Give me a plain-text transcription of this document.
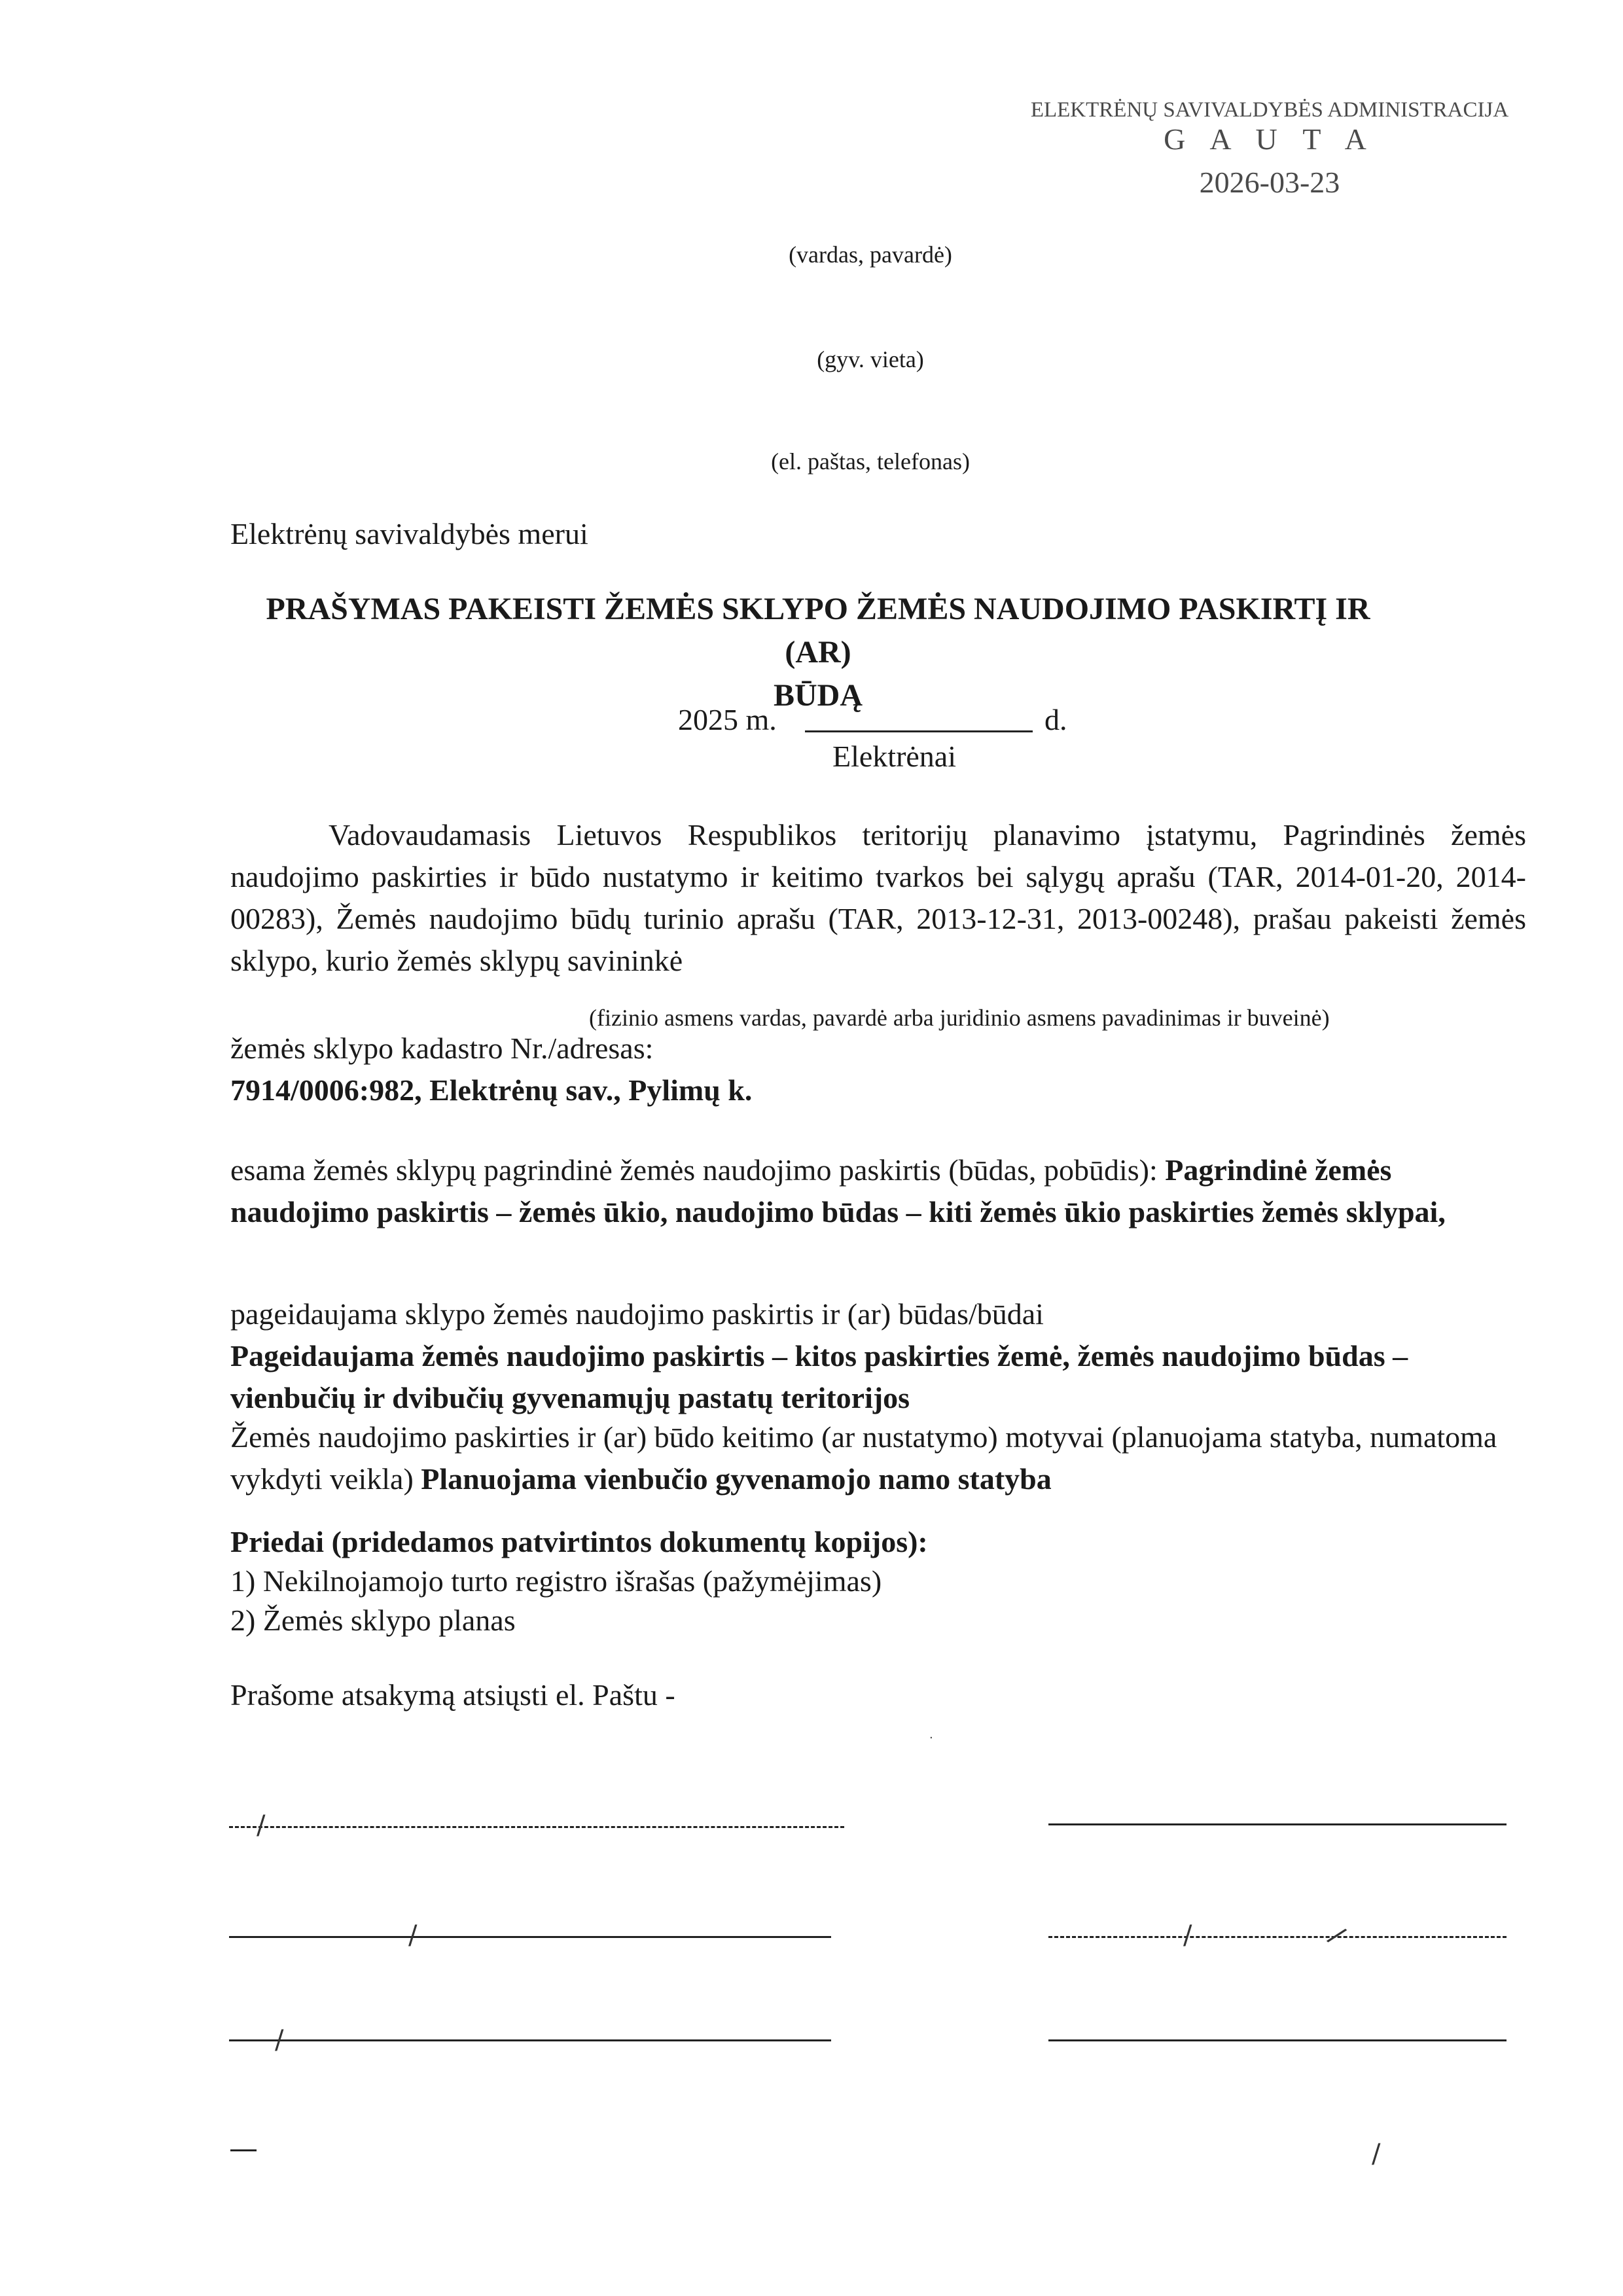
ELEKTRĖNŲ SAVIVALDYBĖS ADMINISTRACIJA
G A U T A
2026-03-23
(vardas, pavardė)
(gyv. vieta)
(el. paštas, telefonas)
Elektrėnų savivaldybės merui
PRAŠYMAS PAKEISTI ŽEMĖS SKLYPO ŽEMĖS NAUDOJIMO PASKIRTĮ IR (AR)
BŪDĄ
2025 m.	d.
Elektrėnai
Vadovaudamasis Lietuvos Respublikos teritorijų planavimo įstatymu, Pagrindinės žemės naudojimo paskirties ir būdo nustatymo ir keitimo tvarkos bei sąlygų aprašu (TAR, 2014-01-20, 2014-00283), Žemės naudojimo būdų turinio aprašu (TAR, 2013-12-31, 2013-00248), prašau pakeisti žemės sklypo, kurio žemės sklypų savininkė
(fizinio asmens vardas, pavardė arba juridinio asmens pavadinimas ir buveinė)
žemės sklypo kadastro Nr./adresas:
7914/0006:982, Elektrėnų sav., Pylimų k.
esama žemės sklypų pagrindinė žemės naudojimo paskirtis (būdas, pobūdis): Pagrindinė žemės naudojimo paskirtis – žemės ūkio, naudojimo būdas – kiti žemės ūkio paskirties žemės sklypai,
pageidaujama sklypo žemės naudojimo paskirtis ir (ar) būdas/būdai
Pageidaujama žemės naudojimo paskirtis – kitos paskirties žemė, žemės naudojimo būdas – vienbučių ir dvibučių gyvenamųjų pastatų teritorijos
Žemės naudojimo paskirties ir (ar) būdo keitimo (ar nustatymo) motyvai (planuojama statyba, numatoma vykdyti veikla) Planuojama vienbučio gyvenamojo namo statyba
Priedai (pridedamos patvirtintos dokumentų kopijos):
1) Nekilnojamojo turto registro išrašas (pažymėjimas)
2) Žemės sklypo planas
Prašome atsakymą atsiųsti el. Paštu -
/
/
/
/	/
/
.
